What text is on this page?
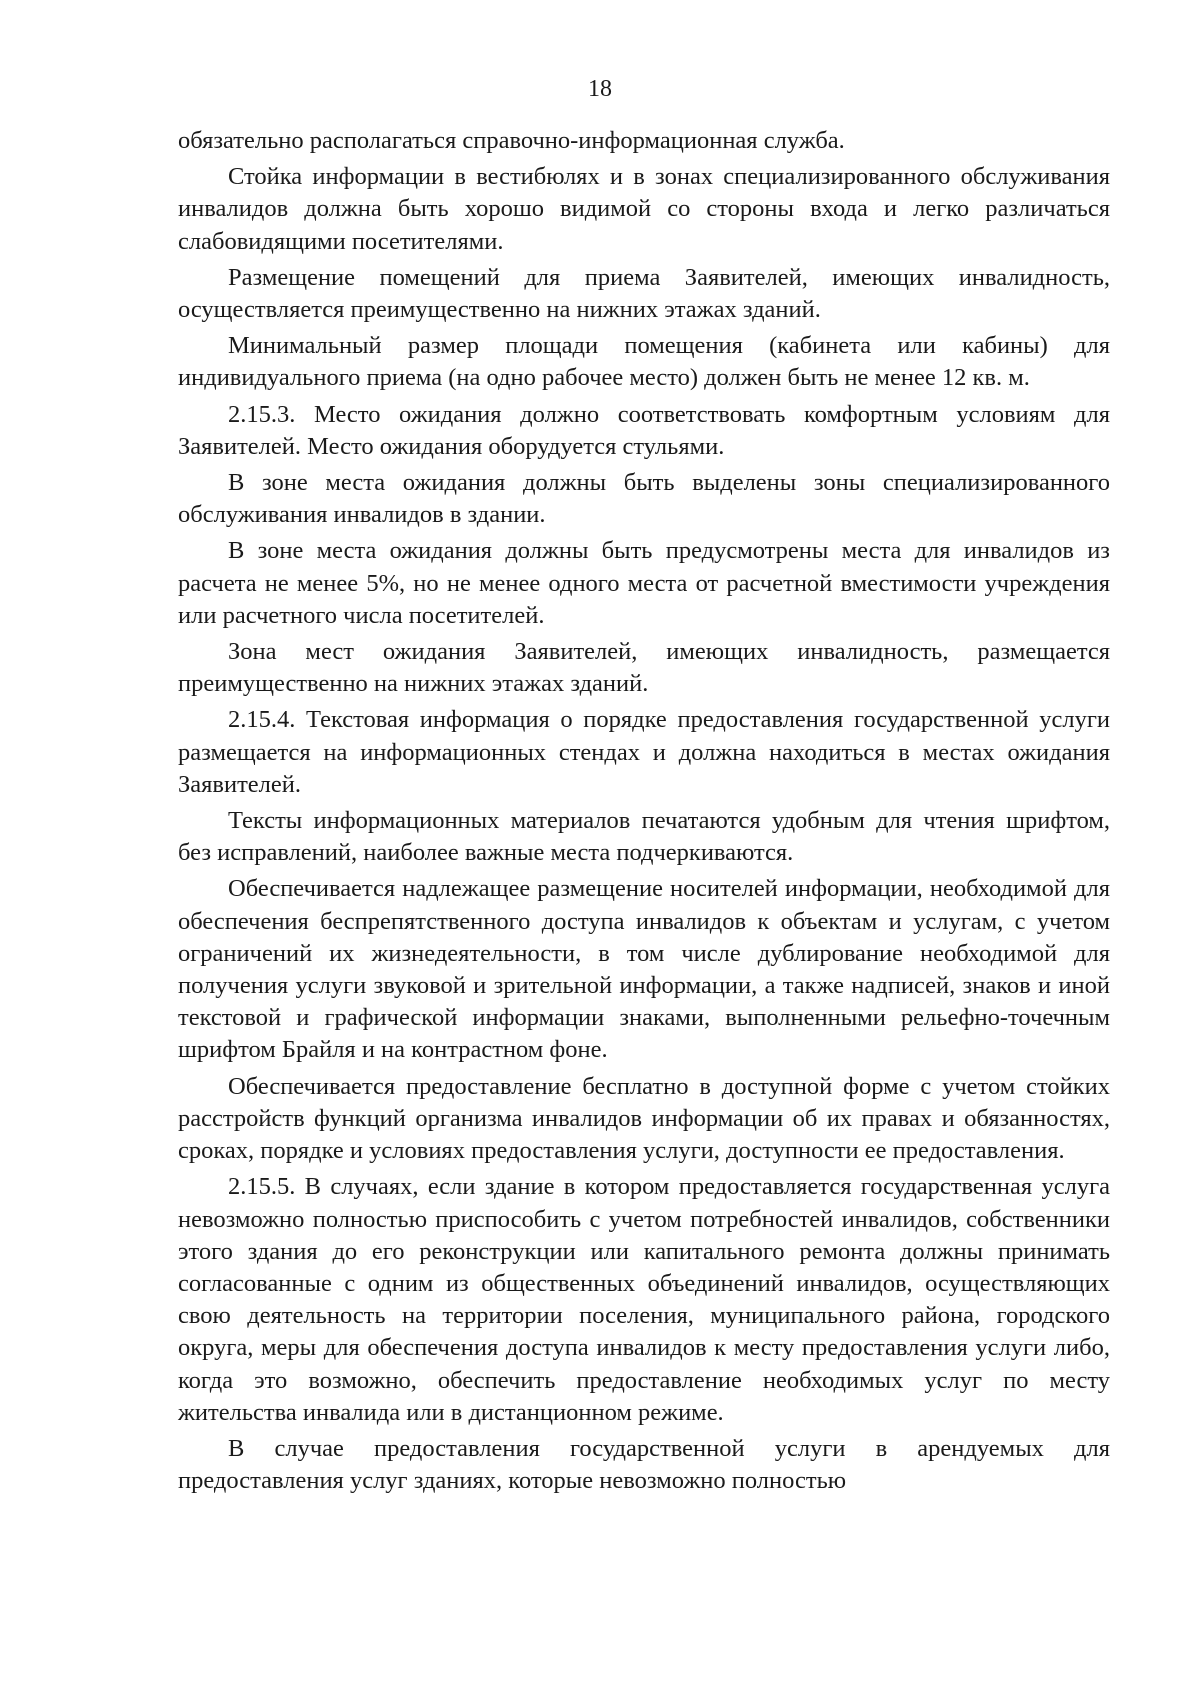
18

обязательно располагаться справочно-информационная служба.

Стойка информации в вестибюлях и в зонах специализированного обслуживания инвалидов должна быть хорошо видимой со стороны входа и легко различаться слабовидящими посетителями.

Размещение помещений для приема Заявителей, имеющих инвалидность, осуществляется преимущественно на нижних этажах зданий.

Минимальный размер площади помещения (кабинета или кабины) для индивидуального приема (на одно рабочее место) должен быть не менее 12 кв. м.

2.15.3. Место ожидания должно соответствовать комфортным условиям для Заявителей. Место ожидания оборудуется стульями.

В зоне места ожидания должны быть выделены зоны специализированного обслуживания инвалидов в здании.

В зоне места ожидания должны быть предусмотрены места для инвалидов из расчета не менее 5%, но не менее одного места от расчетной вместимости учреждения или расчетного числа посетителей.

Зона мест ожидания Заявителей, имеющих инвалидность, размещается преимущественно на нижних этажах зданий.

2.15.4. Текстовая информация о порядке предоставления государственной услуги размещается на информационных стендах и должна находиться в местах ожидания Заявителей.

Тексты информационных материалов печатаются удобным для чтения шрифтом, без исправлений, наиболее важные места подчеркиваются.

Обеспечивается надлежащее размещение носителей информации, необходимой для обеспечения беспрепятственного доступа инвалидов к объектам и услугам, с учетом ограничений их жизнедеятельности, в том числе дублирование необходимой для получения услуги звуковой и зрительной информации, а также надписей, знаков и иной текстовой и графической информации знаками, выполненными рельефно-точечным шрифтом Брайля и на контрастном фоне.

Обеспечивается предоставление бесплатно в доступной форме с учетом стойких расстройств функций организма инвалидов информации об их правах и обязанностях, сроках, порядке и условиях предоставления услуги, доступности ее предоставления.

2.15.5. В случаях, если здание в котором предоставляется государственная услуга невозможно полностью приспособить с учетом потребностей инвалидов, собственники этого здания до его реконструкции или капитального ремонта должны принимать согласованные с одним из общественных объединений инвалидов, осуществляющих свою деятельность на территории поселения, муниципального района, городского округа, меры для обеспечения доступа инвалидов к месту предоставления услуги либо, когда это возможно, обеспечить предоставление необходимых услуг по месту жительства инвалида или в дистанционном режиме.

В случае предоставления государственной услуги в арендуемых для предоставления услуг зданиях, которые невозможно полностью
